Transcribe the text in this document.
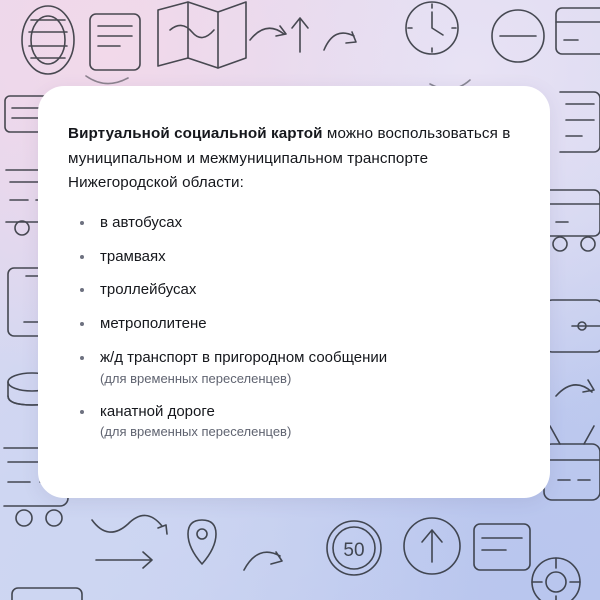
50

Виртуальной социальной картой можно воспользоваться в муниципальном и межмуниципальном транспорте Нижегородской области:

в автобусах
трамваях
троллейбусах
метрополитене
ж/д транспорт в пригородном сообщении
(для временных переселенцев)
канатной дороге
(для временных переселенцев)
